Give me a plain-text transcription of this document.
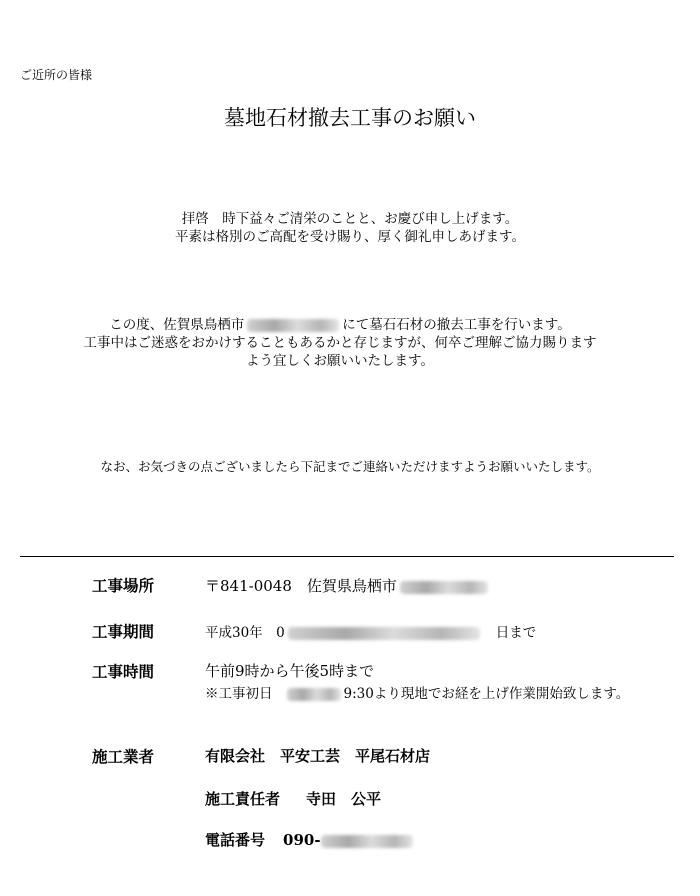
ご近所の皆様
墓地石材撤去工事のお願い
拝啓　時下益々ご清栄のことと、お慶び申し上げます。
平素は格別のご高配を受け賜り、厚く御礼申しあげます。
この度、佐賀県鳥栖市	にて墓石石材の撤去工事を行います。
工事中はご迷惑をおかけすることもあるかと存じますが、何卒ご理解ご協力賜ります
よう宜しくお願いいたします。
なお、お気づきの点ございましたら下記までご連絡いただけますようお願いいたします。
工事場所	〒841-0048　佐賀県鳥栖市
工事期間	平成30年　0	日まで
工事時間	午前9時から午後5時まで
※工事初日	9:30より現地でお経を上げ作業開始致します。
施工業者	有限会社　平安工芸　平尾石材店
施工責任者 寺田　公平
電話番号 090-
